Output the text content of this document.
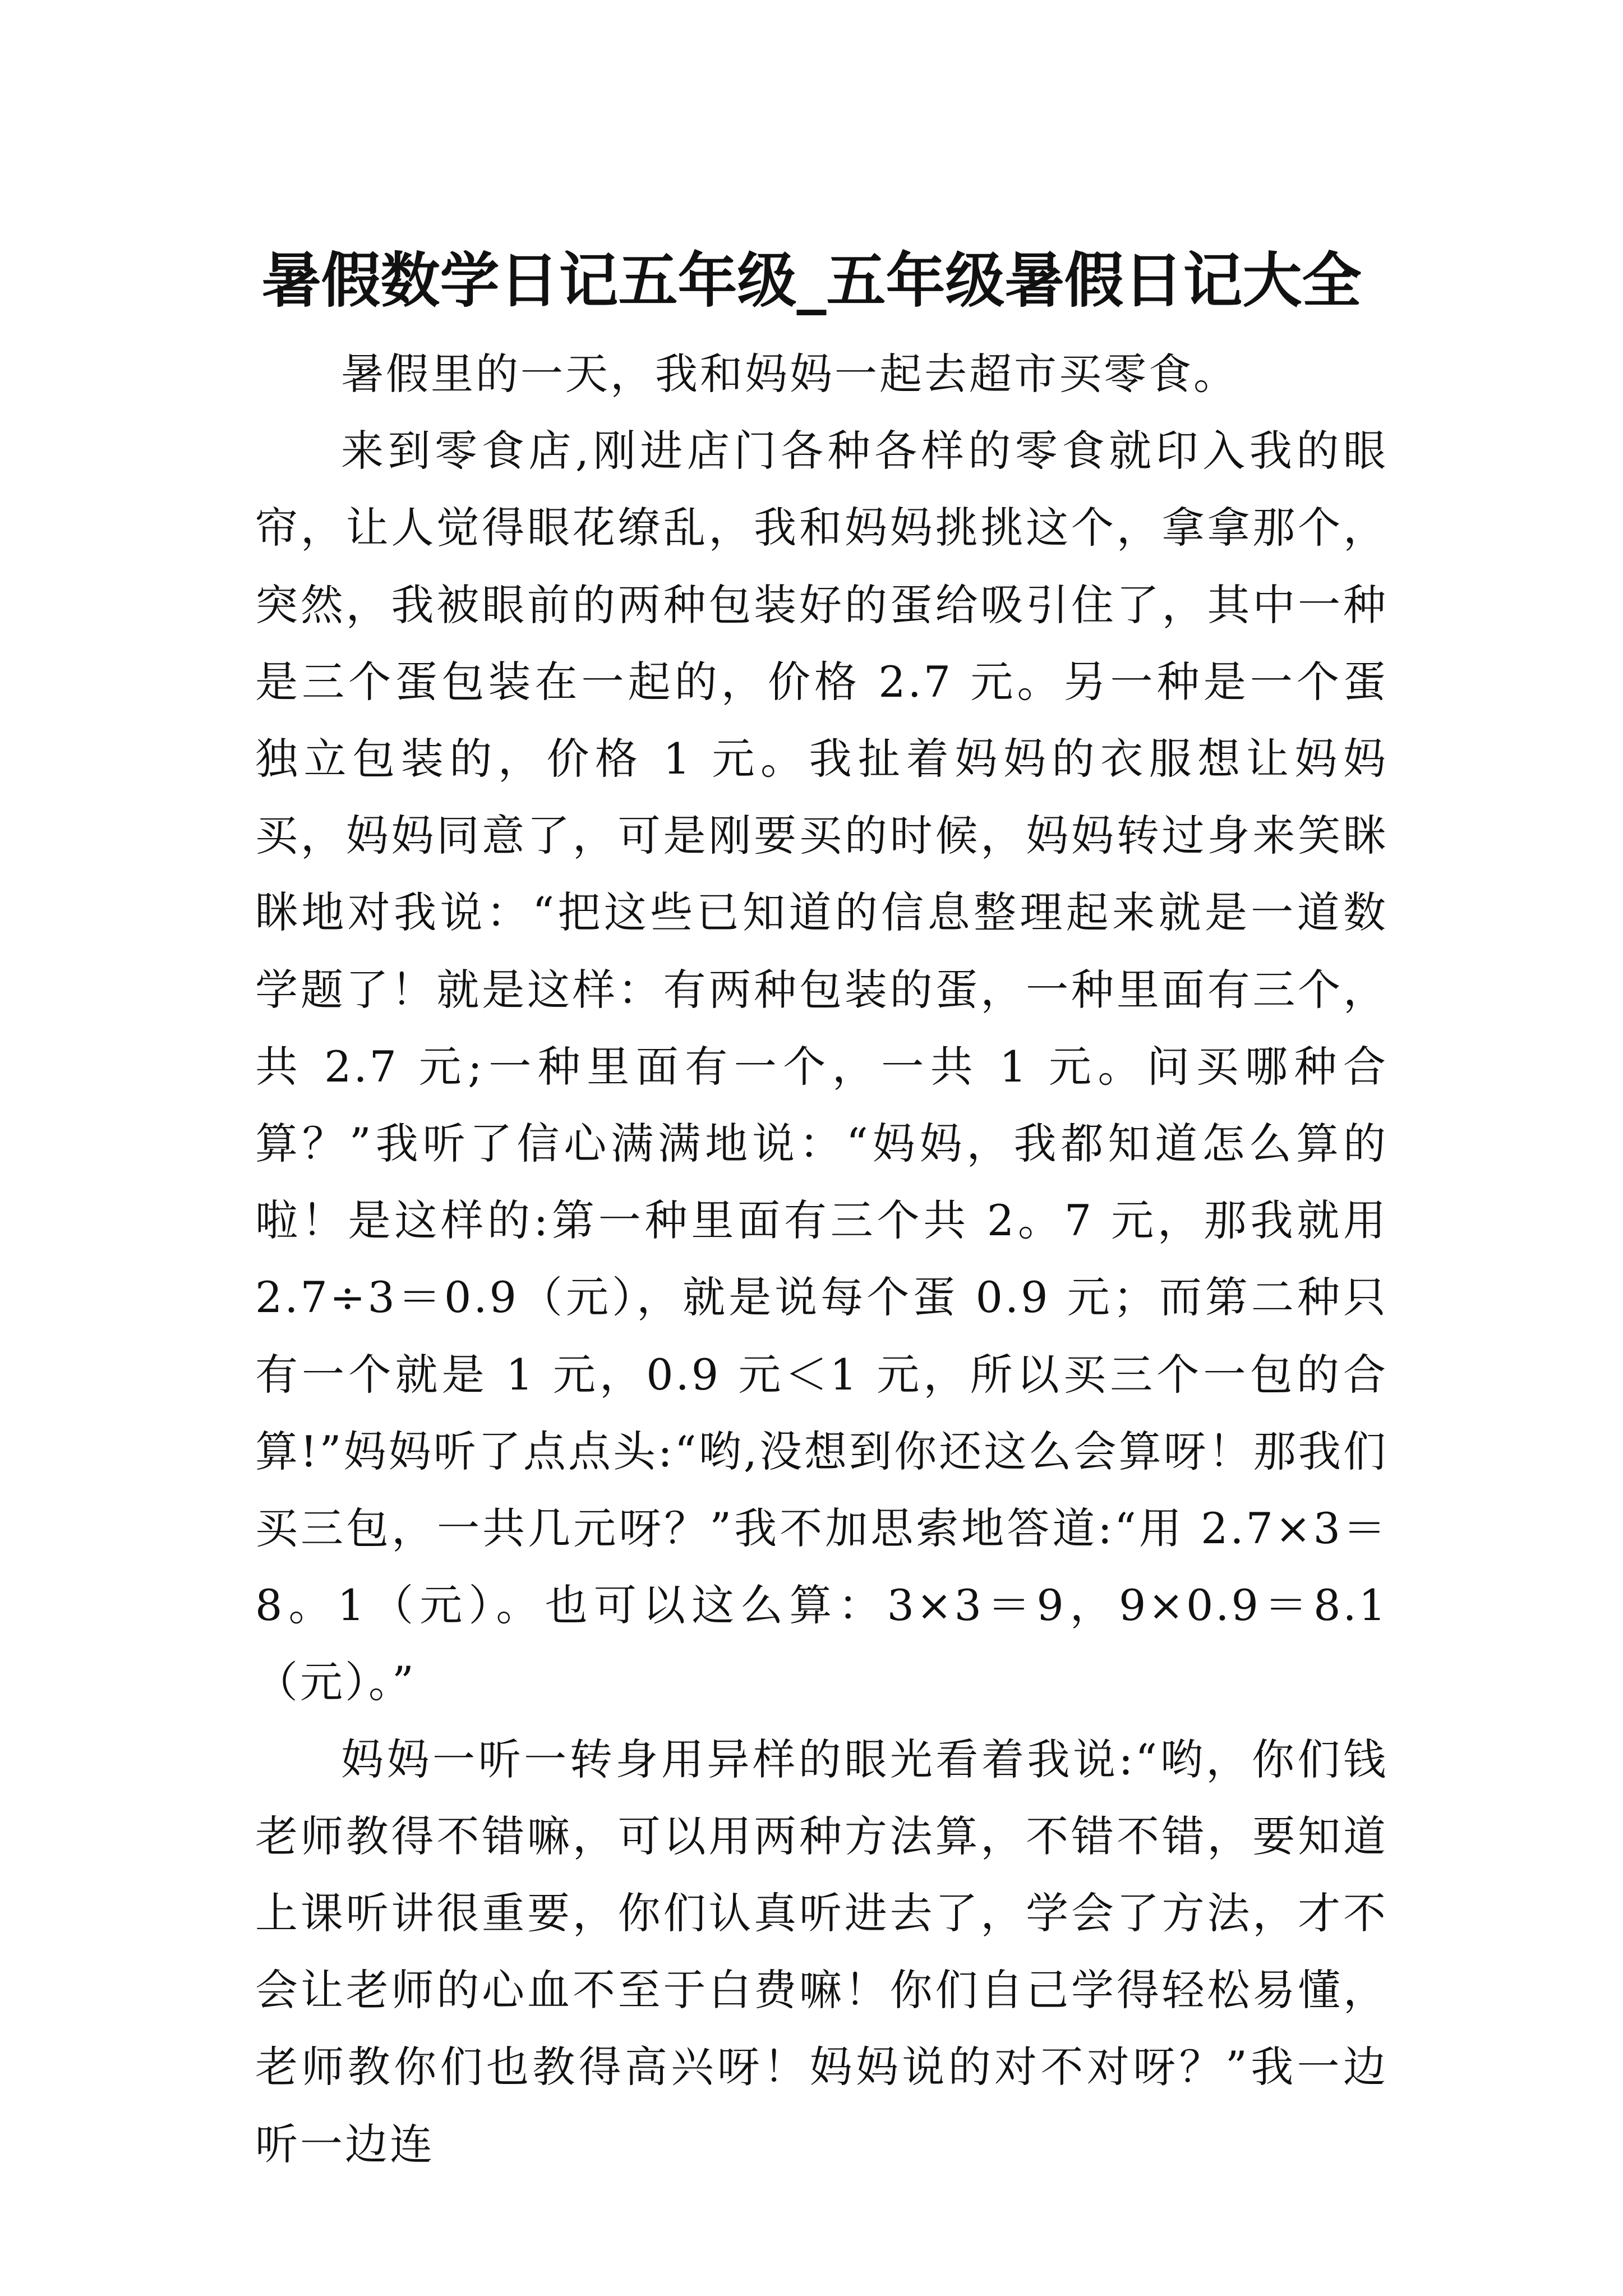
暑假数学日记五年级_五年级暑假日记大全

暑假里的一天，我和妈妈一起去超市买零食。

来到零食店,刚进店门各种各样的零食就印入我的眼帘，让人觉得眼花缭乱，我和妈妈挑挑这个，拿拿那个，突然，我被眼前的两种包装好的蛋给吸引住了，其中一种是三个蛋包装在一起的，价格 2.7 元。另一种是一个蛋独立包装的，价格 1 元。我扯着妈妈的衣服想让妈妈买，妈妈同意了，可是刚要买的时候，妈妈转过身来笑眯眯地对我说：“把这些已知道的信息整理起来就是一道数学题了！就是这样：有两种包装的蛋，一种里面有三个，共 2.7 元;一种里面有一个，一共 1 元。问买哪种合算？”我听了信心满满地说：“妈妈，我都知道怎么算的啦！是这样的:第一种里面有三个共 2。7 元，那我就用 2.7÷3＝0.9（元），就是说每个蛋 0.9 元；而第二种只有一个就是 1 元，0.9 元＜1 元，所以买三个一包的合算!”妈妈听了点点头:“哟,没想到你还这么会算呀！那我们买三包，一共几元呀？”我不加思索地答道:“用 2.7×3＝8。1（元）。也可以这么算：3×3＝9，9×0.9＝8.1（元）。”

妈妈一听一转身用异样的眼光看着我说:“哟，你们钱老师教得不错嘛，可以用两种方法算，不错不错，要知道上课听讲很重要，你们认真听进去了，学会了方法，才不会让老师的心血不至于白费嘛！你们自己学得轻松易懂，老师教你们也教得高兴呀！妈妈说的对不对呀？”我一边听一边连
